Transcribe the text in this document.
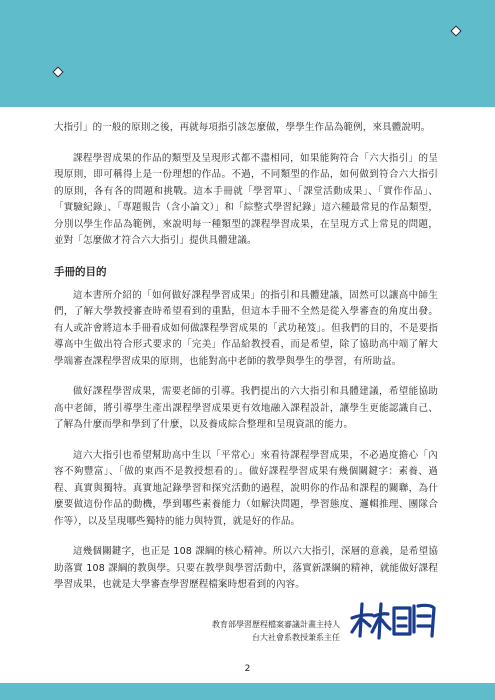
大指引」的一般的原則之後，再就每項指引該怎麼做，學學生作品為範例，來具體說明。

課程學習成果的作品的類型及呈現形式都不盡相同，如果能夠符合「六大指引」的呈現原則，即可稱得上是一份理想的作品。不過，不同類型的作品，如何做到符合六大指引的原則，各有各的問題和挑戰。這本手冊就「學習單」、「課堂活動成果」、「實作作品」、「實驗紀錄」、「專題報告（含小論文）」和「綜整式學習紀錄」這六種最常見的作品類型，分別以學生作品為範例，來說明每一種類型的課程學習成果，在呈現方式上常見的問題，並對「怎麼做才符合六大指引」提供具體建議。

手冊的目的

這本書所介紹的「如何做好課程學習成果」的指引和具體建議，固然可以讓高中師生們，了解大學教授審查時希望看到的重點，但這本手冊不全然是從入學審查的角度出發。有人或許會將這本手冊看成如何做課程學習成果的「武功秘笈」。但我們的目的，不是要指導高中生做出符合形式要求的「完美」作品給教授看，而是希望，除了協助高中端了解大學端審查課程學習成果的原則，也能對高中老師的教學與學生的學習，有所助益。

做好課程學習成果，需要老師的引導。我們提出的六大指引和具體建議，希望能協助高中老師，將引導學生產出課程學習成果更有效地融入課程設計，讓學生更能認識自己、了解為什麼而學和學到了什麼，以及養成綜合整理和呈現資訊的能力。

這六大指引也希望幫助高中生以「平常心」來看待課程學習成果，不必過度擔心「內容不夠豐富」、「做的東西不是教授想看的」。做好課程學習成果有幾個關鍵字：素養、過程、真實與獨特。真實地記錄學習和探究活動的過程，說明你的作品和課程的關聯，為什麼要做這份作品的動機，學到哪些素養能力（如解決問題，學習態度、邏輯推理、團隊合作等），以及呈現哪些獨特的能力與特質，就是好的作品。

這幾個關鍵字，也正是 108 課綱的核心精神。所以六大指引，深層的意義，是希望協助落實 108 課綱的教與學。只要在教學與學習活動中，落實新課綱的精神，就能做好課程學習成果，也就是大學審查學習歷程檔案時想看到的內容。

教育部學習歷程檔案審議計畫主持人
台大社會系教授兼系主任
2
